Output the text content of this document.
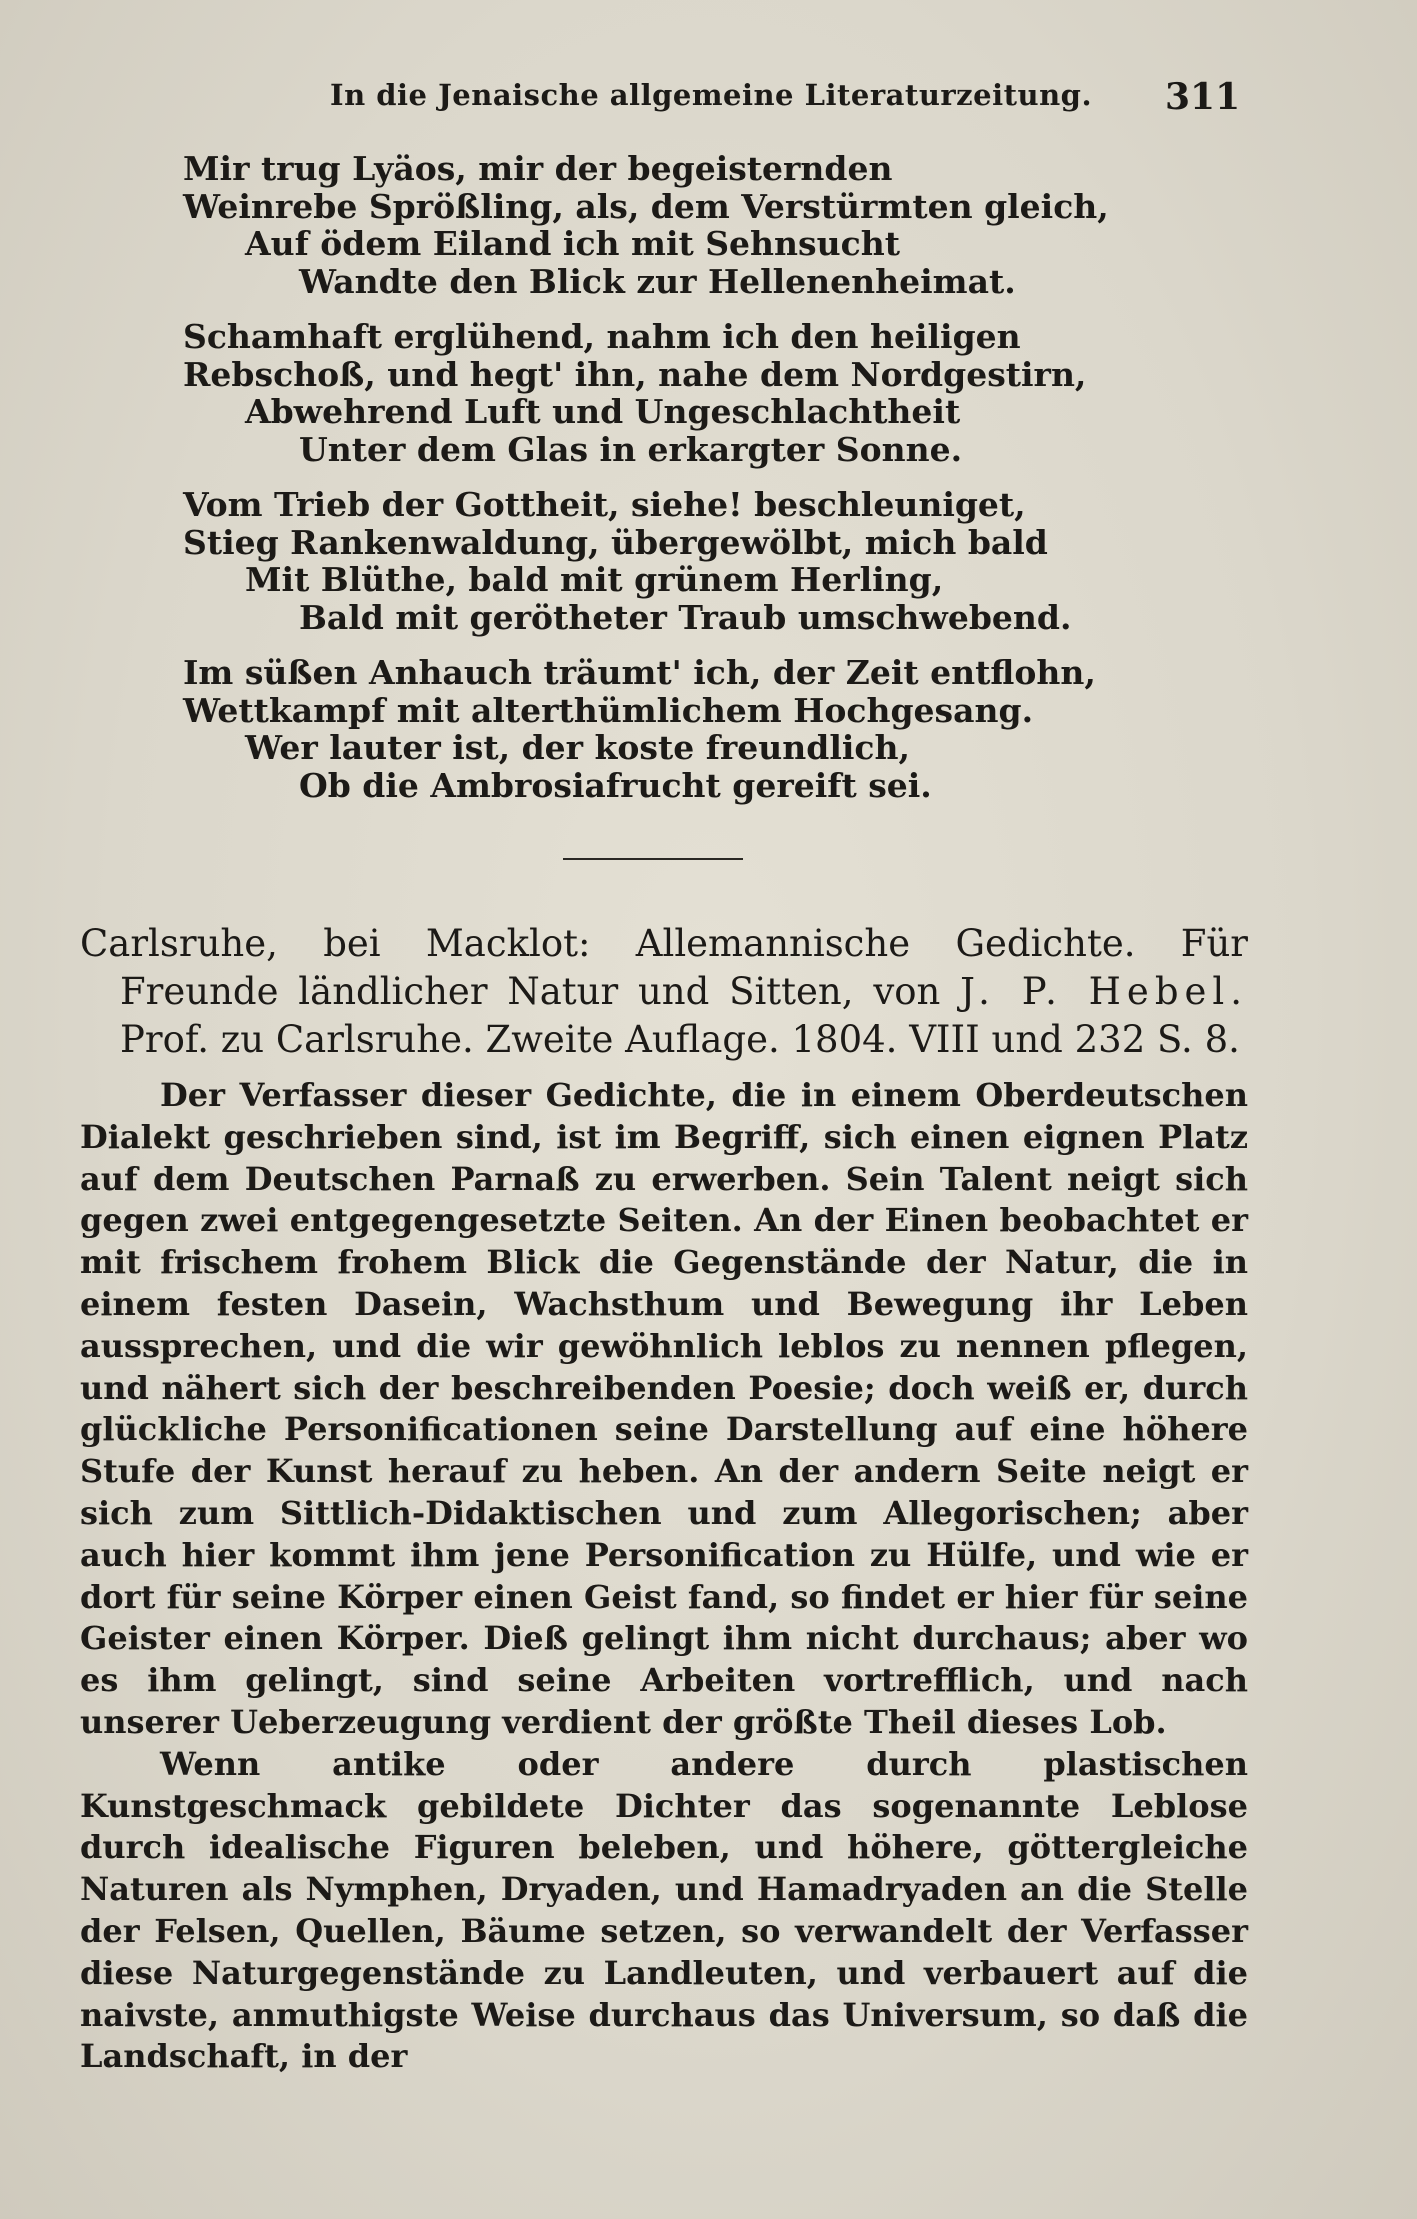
In die Jenaische allgemeine Literaturzeitung. 311
Mir trug Lyäos, mir der begeisternden
Weinrebe Sprößling, als, dem Verstürmten gleich,
Auf ödem Eiland ich mit Sehnsucht
Wandte den Blick zur Hellenenheimat.
Schamhaft erglühend, nahm ich den heiligen
Rebschoß, und hegt' ihn, nahe dem Nordgestirn,
Abwehrend Luft und Ungeschlachtheit
Unter dem Glas in erkargter Sonne.
Vom Trieb der Gottheit, siehe! beschleuniget,
Stieg Rankenwaldung, übergewölbt, mich bald
Mit Blüthe, bald mit grünem Herling,
Bald mit gerötheter Traub umschwebend.
Im süßen Anhauch träumt' ich, der Zeit entflohn,
Wettkampf mit alterthümlichem Hochgesang.
Wer lauter ist, der koste freundlich,
Ob die Ambrosiafrucht gereift sei.
Carlsruhe, bei Macklot: Allemannische Gedichte. Für Freunde ländlicher Natur und Sitten, von J. P. Hebel. Prof. zu Carlsruhe. Zweite Auflage. 1804. VIII und 232 S. 8.

Der Verfasser dieser Gedichte, die in einem Oberdeutschen Dialekt geschrieben sind, ist im Begriff, sich einen eignen Platz auf dem Deutschen Parnaß zu erwerben. Sein Talent neigt sich gegen zwei entgegengesetzte Seiten. An der Einen beobachtet er mit frischem frohem Blick die Gegenstände der Natur, die in einem festen Dasein, Wachsthum und Bewegung ihr Leben aussprechen, und die wir gewöhnlich leblos zu nennen pflegen, und nähert sich der beschreibenden Poesie; doch weiß er, durch glückliche Personificationen seine Darstellung auf eine höhere Stufe der Kunst herauf zu heben. An der andern Seite neigt er sich zum Sittlich-Didaktischen und zum Allegorischen; aber auch hier kommt ihm jene Personification zu Hülfe, und wie er dort für seine Körper einen Geist fand, so findet er hier für seine Geister einen Körper. Dieß gelingt ihm nicht durchaus; aber wo es ihm gelingt, sind seine Arbeiten vortrefflich, und nach unserer Ueberzeugung verdient der größte Theil dieses Lob.

Wenn antike oder andere durch plastischen Kunstgeschmack gebildete Dichter das sogenannte Leblose durch idealische Figuren beleben, und höhere, göttergleiche Naturen als Nymphen, Dryaden, und Hamadryaden an die Stelle der Felsen, Quellen, Bäume setzen, so verwandelt der Verfasser diese Naturgegenstände zu Landleuten, und verbauert auf die naivste, anmuthigste Weise durchaus das Universum, so daß die Landschaft, in der
